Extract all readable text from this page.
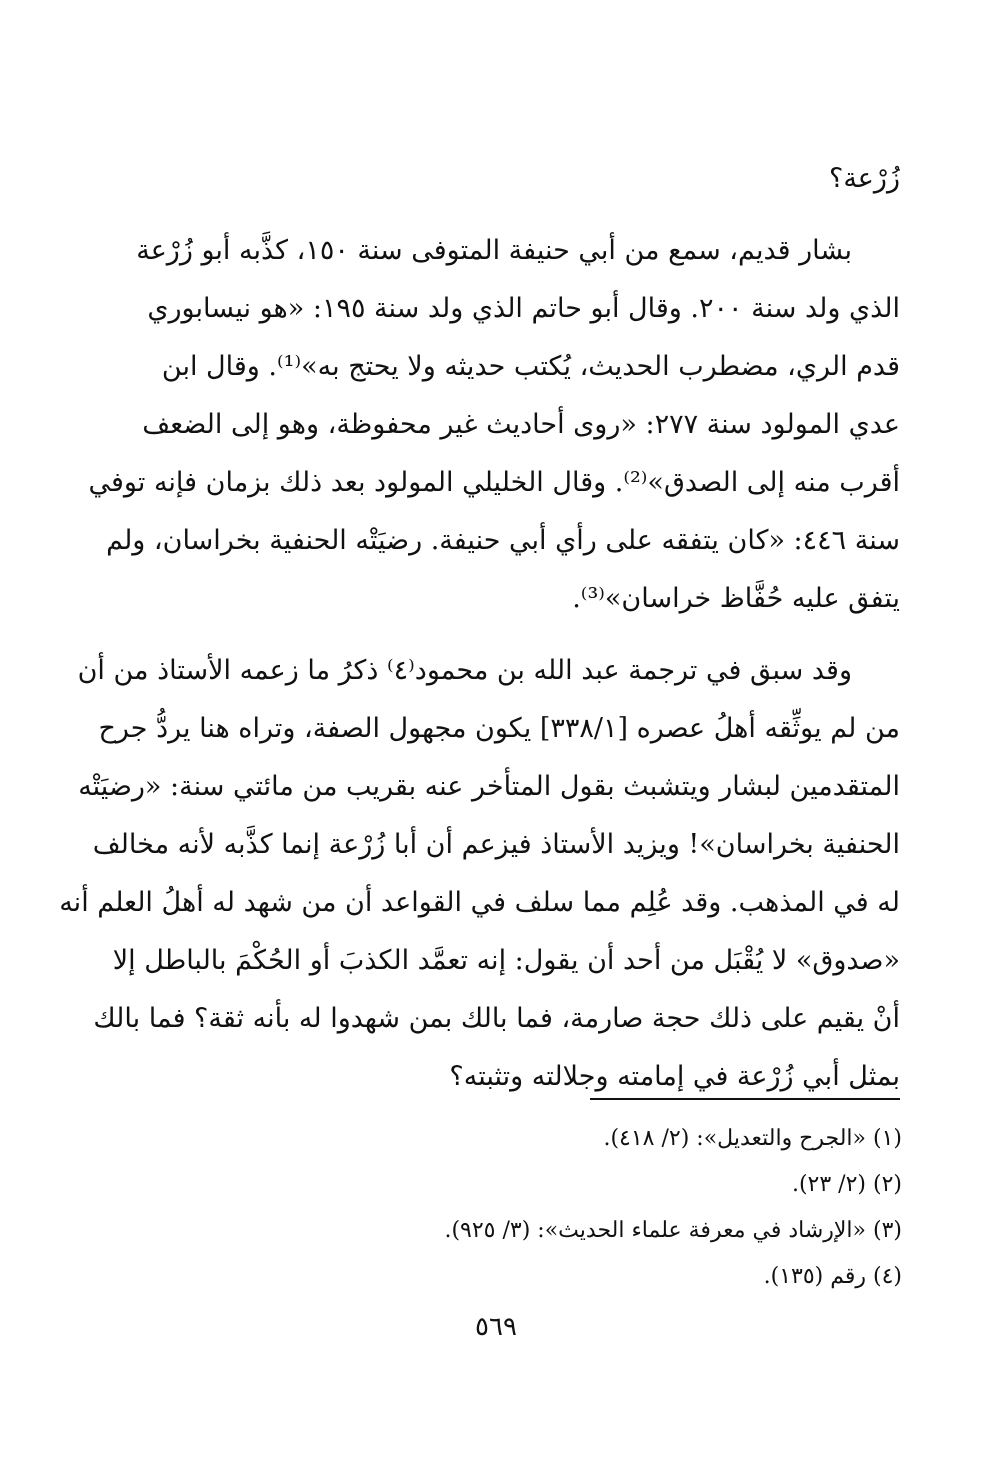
زُرْعة؟
بشار قديم، سمع من أبي حنيفة المتوفى سنة ١٥٠، كذَّبه أبو زُرْعة
الذي ولد سنة ٢٠٠. وقال أبو حاتم الذي ولد سنة ١٩٥: «هو نيسابوري
قدم الري، مضطرب الحديث، يُكتب حديثه ولا يحتج به»⁽¹⁾. وقال ابن
عدي المولود سنة ٢٧٧: «روى أحاديث غير محفوظة، وهو إلى الضعف
أقرب منه إلى الصدق»⁽²⁾. وقال الخليلي المولود بعد ذلك بزمان فإنه توفي
سنة ٤٤٦: «كان يتفقه على رأي أبي حنيفة. رضيَتْه الحنفية بخراسان، ولم
يتفق عليه حُفَّاظ خراسان»⁽³⁾.
وقد سبق في ترجمة عبد الله بن محمود⁽٤⁾ ذكرُ ما زعمه الأستاذ من أن
من لم يوثِّقه أهلُ عصره [٣٣٨/١] يكون مجهول الصفة، وتراه هنا يردُّ جرح
المتقدمين لبشار ويتشبث بقول المتأخر عنه بقريب من مائتي سنة: «رضيَتْه
الحنفية بخراسان»! ويزيد الأستاذ فيزعم أن أبا زُرْعة إنما كذَّبه لأنه مخالف
له في المذهب. وقد عُلِم مما سلف في القواعد أن من شهد له أهلُ العلم أنه
«صدوق» لا يُقْبَل من أحد أن يقول: إنه تعمَّد الكذبَ أو الحُكْمَ بالباطل إلا
أنْ يقيم على ذلك حجة صارمة، فما بالك بمن شهدوا له بأنه ثقة؟ فما بالك
بمثل أبي زُرْعة في إمامته وجلالته وتثبته؟
(١) «الجرح والتعديل»: (٢/ ٤١٨).
(٢) (٢/ ٢٣).
(٣) «الإرشاد في معرفة علماء الحديث»: (٣/ ٩٢٥).
(٤) رقم (١٣٥).
٥٦٩
